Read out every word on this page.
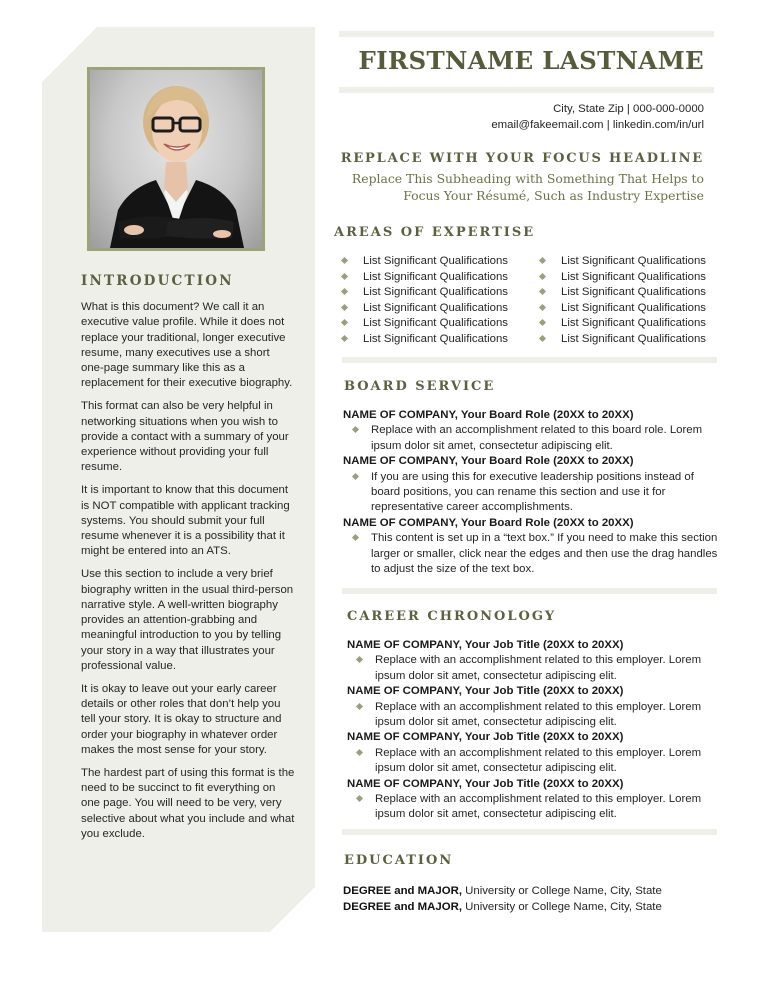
INTRODUCTION

What is this document? We call it an executive value profile. While it does not replace your traditional, longer executive resume, many executives use a short one-page summary like this as a replacement for their executive biography.

This format can also be very helpful in networking situations when you wish to provide a contact with a summary of your experience without providing your full resume.

It is important to know that this document is NOT compatible with applicant tracking systems. You should submit your full resume whenever it is a possibility that it might be entered into an ATS.

Use this section to include a very brief biography written in the usual third-person narrative style. A well-written biography provides an attention-grabbing and meaningful introduction to you by telling your story in a way that illustrates your professional value.

It is okay to leave out your early career details or other roles that don’t help you tell your story. It is okay to structure and order your biography in whatever order makes the most sense for your story.

The hardest part of using this format is the need to be succinct to fit everything on one page. You will need to be very, very selective about what you include and what you exclude.

FIRSTNAME LASTNAME
City, State Zip | 000-000-0000
email@fakeemail.com | linkedin.com/in/url
REPLACE WITH YOUR FOCUS HEADLINE
Replace This Subheading with Something That Helps to
Focus Your Résumé, Such as Industry Expertise
AREAS OF EXPERTISE
List Significant Qualifications
List Significant Qualifications
List Significant Qualifications
List Significant Qualifications
List Significant Qualifications
List Significant Qualifications
List Significant Qualifications
List Significant Qualifications
List Significant Qualifications
List Significant Qualifications
List Significant Qualifications
List Significant Qualifications
BOARD SERVICE
NAME OF COMPANY, Your Board Role (20XX to 20XX)
Replace with an accomplishment related to this board role. Lorem ipsum dolor sit amet, consectetur adipiscing elit.
NAME OF COMPANY, Your Board Role (20XX to 20XX)
If you are using this for executive leadership positions instead of board positions, you can rename this section and use it for representative career accomplishments.
NAME OF COMPANY, Your Board Role (20XX to 20XX)
This content is set up in a “text box.” If you need to make this section larger or smaller, click near the edges and then use the drag handles to adjust the size of the text box.
CAREER CHRONOLOGY
NAME OF COMPANY, Your Job Title (20XX to 20XX)
Replace with an accomplishment related to this employer. Lorem ipsum dolor sit amet, consectetur adipiscing elit.
NAME OF COMPANY, Your Job Title (20XX to 20XX)
Replace with an accomplishment related to this employer. Lorem ipsum dolor sit amet, consectetur adipiscing elit.
NAME OF COMPANY, Your Job Title (20XX to 20XX)
Replace with an accomplishment related to this employer. Lorem ipsum dolor sit amet, consectetur adipiscing elit.
NAME OF COMPANY, Your Job Title (20XX to 20XX)
Replace with an accomplishment related to this employer. Lorem ipsum dolor sit amet, consectetur adipiscing elit.
EDUCATION
DEGREE and MAJOR, University or College Name, City, State
DEGREE and MAJOR, University or College Name, City, State
